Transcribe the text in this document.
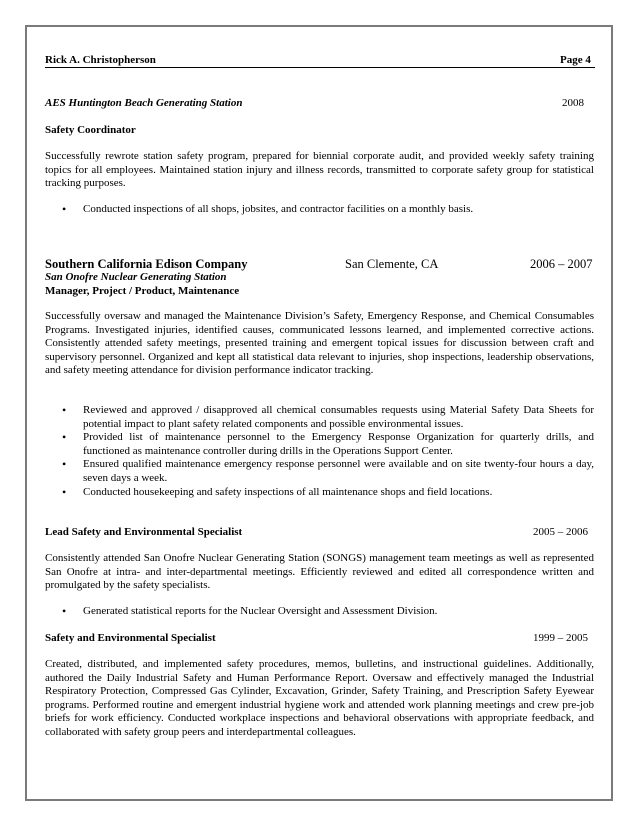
Rick A. Christopherson	Page 4
AES Huntington Beach Generating Station	2008
Safety Coordinator
Successfully rewrote station safety program, prepared for biennial corporate audit, and provided weekly safety training topics for all employees. Maintained station injury and illness records, transmitted to corporate safety group for statistical tracking purposes.
• Conducted inspections of all shops, jobsites, and contractor facilities on a monthly basis.
Southern California Edison Company	San Clemente, CA	2006 – 2007
San Onofre Nuclear Generating Station
Manager, Project / Product, Maintenance
Successfully oversaw and managed the Maintenance Division’s Safety, Emergency Response, and Chemical Consumables Programs. Investigated injuries, identified causes, communicated lessons learned, and implemented corrective actions. Consistently attended safety meetings, presented training and emergent topical issues for discussion between craft and supervisory personnel. Organized and kept all statistical data relevant to injuries, shop inspections, leadership observations, and safety meeting attendance for division performance indicator tracking.
• Reviewed and approved / disapproved all chemical consumables requests using Material Safety Data Sheets for potential impact to plant safety related components and possible environmental issues.
• Provided list of maintenance personnel to the Emergency Response Organization for quarterly drills, and functioned as maintenance controller during drills in the Operations Support Center.
• Ensured qualified maintenance emergency response personnel were available and on site twenty-four hours a day, seven days a week.
• Conducted housekeeping and safety inspections of all maintenance shops and field locations.
Lead Safety and Environmental Specialist	2005 – 2006
Consistently attended San Onofre Nuclear Generating Station (SONGS) management team meetings as well as represented San Onofre at intra- and inter-departmental meetings. Efficiently reviewed and edited all correspondence written and promulgated by the safety specialists.
• Generated statistical reports for the Nuclear Oversight and Assessment Division.
Safety and Environmental Specialist	1999 – 2005
Created, distributed, and implemented safety procedures, memos, bulletins, and instructional guidelines. Additionally, authored the Daily Industrial Safety and Human Performance Report. Oversaw and effectively managed the Industrial Respiratory Protection, Compressed Gas Cylinder, Excavation, Grinder, Safety Training, and Prescription Safety Eyewear programs. Performed routine and emergent industrial hygiene work and attended work planning meetings and crew pre-job briefs for work efficiency. Conducted workplace inspections and behavioral observations with appropriate feedback, and collaborated with safety group peers and interdepartmental colleagues.
